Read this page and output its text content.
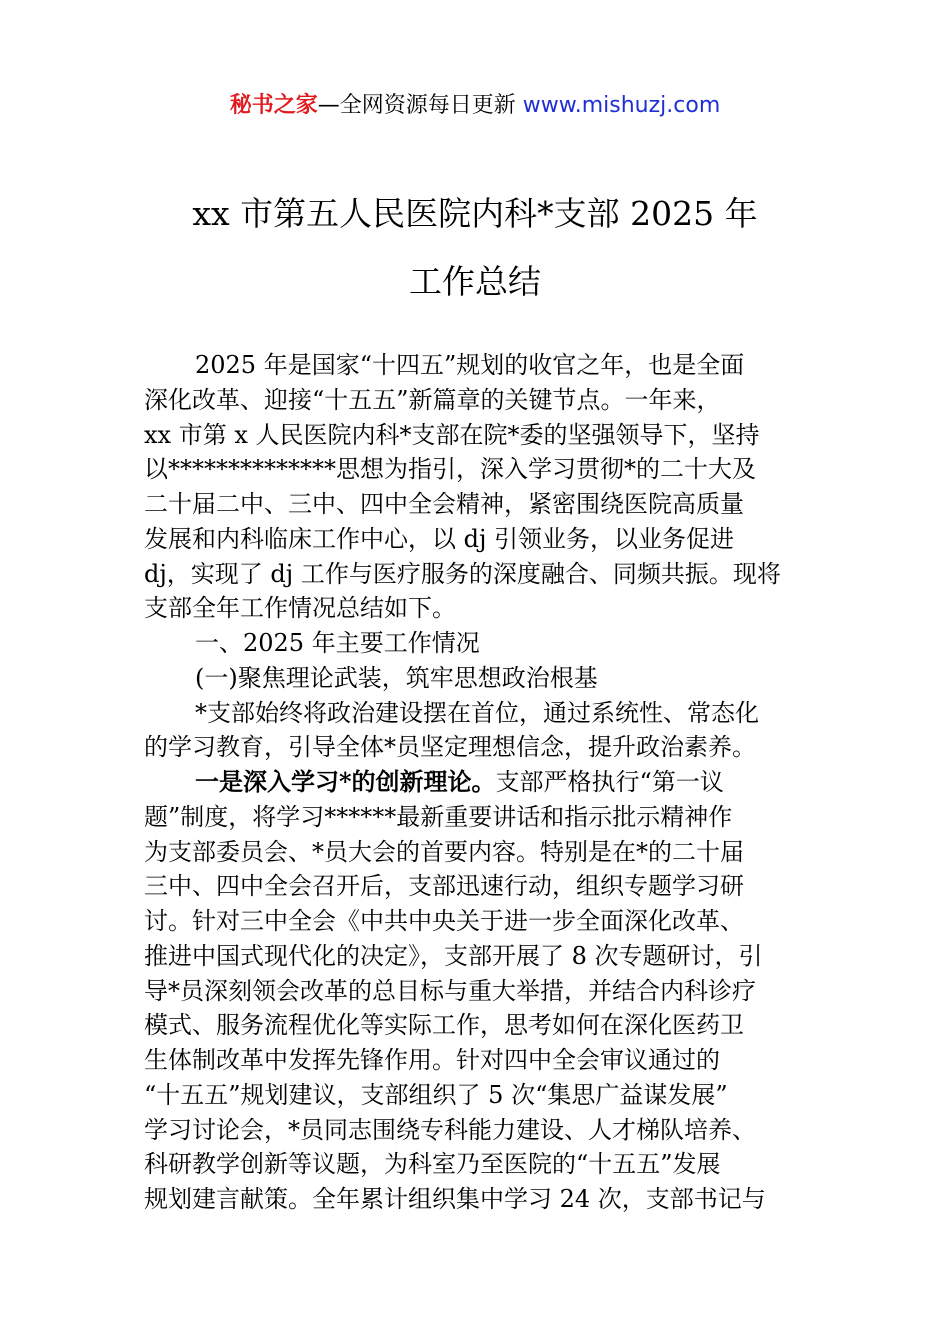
秘书之家—全网资源每日更新 www.mishuzj.com
xx 市第五人民医院内科*支部 2025 年
工作总结
2025 年是国家“十四五”规划的收官之年，也是全面
深化改革、迎接“十五五”新篇章的关键节点。一年来，
xx 市第 x 人民医院内科*支部在院*委的坚强领导下，坚持
以**************思想为指引，深入学习贯彻*的二十大及
二十届二中、三中、四中全会精神，紧密围绕医院高质量
发展和内科临床工作中心，以 dj 引领业务，以业务促进
dj，实现了 dj 工作与医疗服务的深度融合、同频共振。现将
支部全年工作情况总结如下。
一、2025 年主要工作情况
(一)聚焦理论武装，筑牢思想政治根基
*支部始终将政治建设摆在首位，通过系统性、常态化
的学习教育，引导全体*员坚定理想信念，提升政治素养。
一是深入学习*的创新理论。支部严格执行“第一议
题”制度，将学习******最新重要讲话和指示批示精神作
为支部委员会、*员大会的首要内容。特别是在*的二十届
三中、四中全会召开后，支部迅速行动，组织专题学习研
讨。针对三中全会《中共中央关于进一步全面深化改革、
推进中国式现代化的决定》，支部开展了 8 次专题研讨，引
导*员深刻领会改革的总目标与重大举措，并结合内科诊疗
模式、服务流程优化等实际工作，思考如何在深化医药卫
生体制改革中发挥先锋作用。针对四中全会审议通过的
“十五五”规划建议，支部组织了 5 次“集思广益谋发展”
学习讨论会，*员同志围绕专科能力建设、人才梯队培养、
科研教学创新等议题，为科室乃至医院的“十五五”发展
规划建言献策。全年累计组织集中学习 24 次，支部书记与
